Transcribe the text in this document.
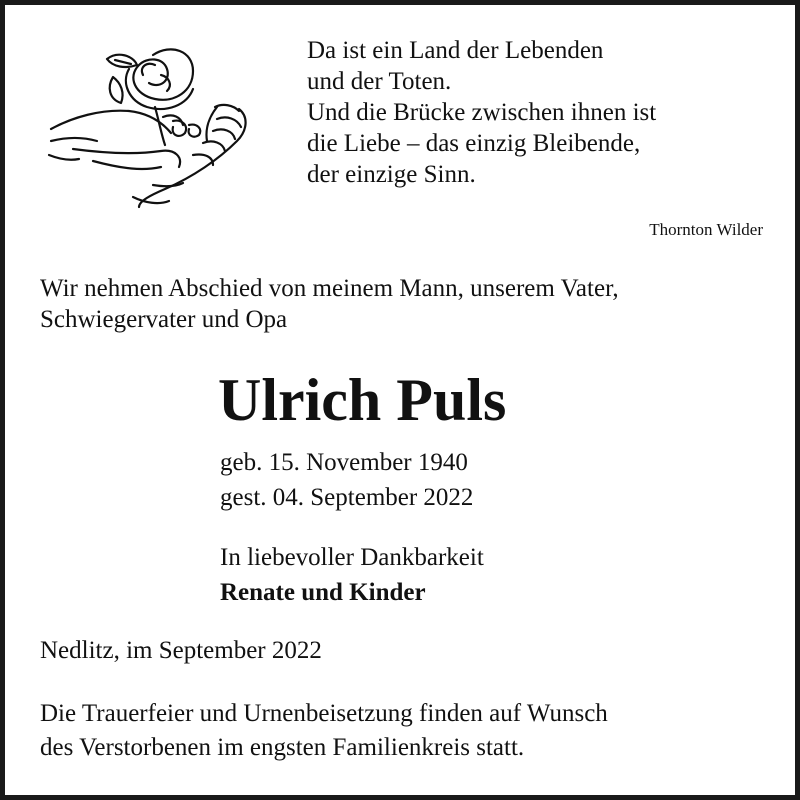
Da ist ein Land der Lebenden
und der Toten.
Und die Brücke zwischen ihnen ist
die Liebe – das einzig Bleibende,
der einzige Sinn.
Thornton Wilder
Wir nehmen Abschied von meinem Mann, unserem Vater,
Schwiegervater und Opa
Ulrich Puls
geb. 15. November 1940
gest. 04. September 2022
In liebevoller Dankbarkeit
Renate und Kinder
Nedlitz, im September 2022
Die Trauerfeier und Urnenbeisetzung finden auf Wunsch
des Verstorbenen im engsten Familienkreis statt.
